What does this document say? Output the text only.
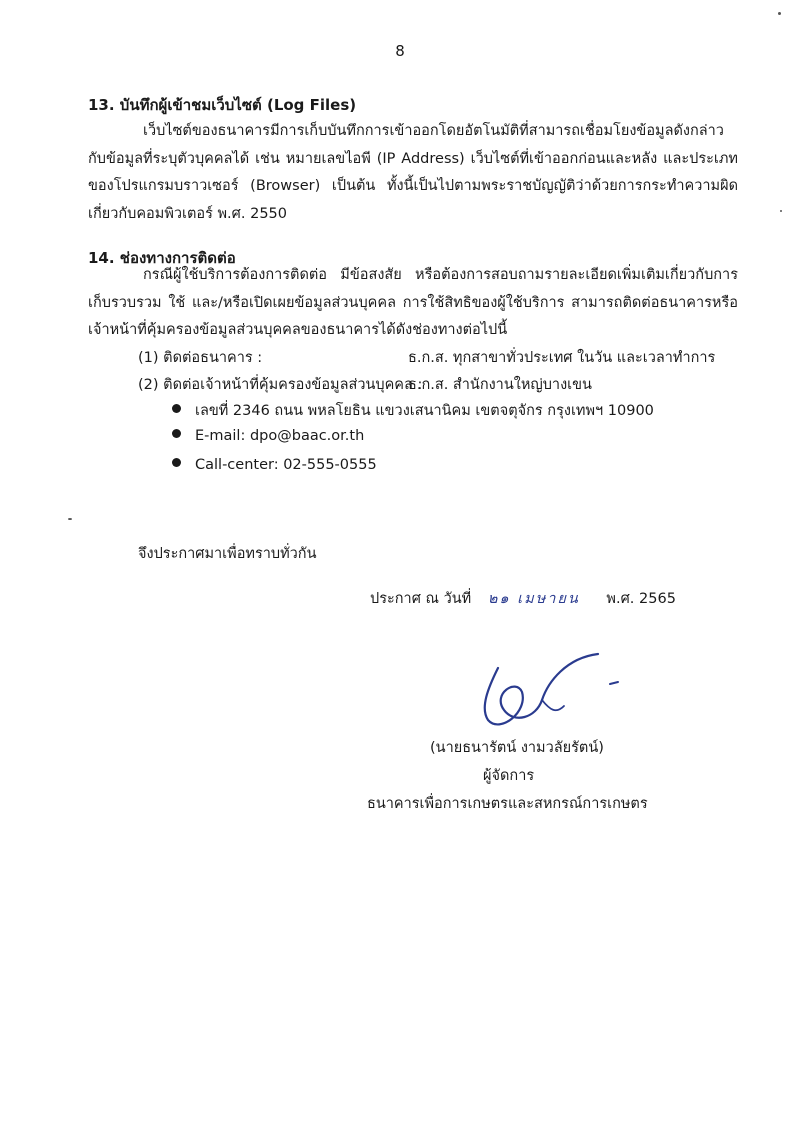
8
13. บันทึกผู้เข้าชมเว็บไซต์ (Log Files)

เว็บไซต์ของธนาคารมีการเก็บบันทึกการเข้าออกโดยอัตโนมัติที่สามารถเชื่อมโยงข้อมูลดังกล่าวกับข้อมูลที่ระบุตัวบุคคลได้ เช่น หมายเลขไอพี (IP Address) เว็บไซต์ที่เข้าออกก่อนและหลัง และประเภทของโปรแกรมบราวเซอร์ (Browser) เป็นต้น ทั้งนี้เป็นไปตามพระราชบัญญัติว่าด้วยการกระทำความผิดเกี่ยวกับคอมพิวเตอร์ พ.ศ. 2550

14. ช่องทางการติดต่อ

กรณีผู้ใช้บริการต้องการติดต่อ มีข้อสงสัย หรือต้องการสอบถามรายละเอียดเพิ่มเติมเกี่ยวกับการเก็บรวบรวม ใช้ และ/หรือเปิดเผยข้อมูลส่วนบุคคล การใช้สิทธิของผู้ใช้บริการ สามารถติดต่อธนาคารหรือเจ้าหน้าที่คุ้มครองข้อมูลส่วนบุคคลของธนาคารได้ดังช่องทางต่อไปนี้

(1) ติดต่อธนาคาร :	ธ.ก.ส. ทุกสาขาทั่วประเทศ ในวัน และเวลาทำการ
(2) ติดต่อเจ้าหน้าที่คุ้มครองข้อมูลส่วนบุคคล :
ธ.ก.ส. สำนักงานใหญ่บางเขน
เลขที่ 2346 ถนน พหลโยธิน แขวงเสนานิคม เขตจตุจักร กรุงเทพฯ 10900
E-mail: dpo@baac.or.th
Call-center: 02-555-0555
จึงประกาศมาเพื่อทราบทั่วกัน
ประกาศ ณ วันที่ ๒๑ เมษายน พ.ศ. 2565
(นายธนารัตน์ งามวลัยรัตน์)
ผู้จัดการ
ธนาคารเพื่อการเกษตรและสหกรณ์การเกษตร
